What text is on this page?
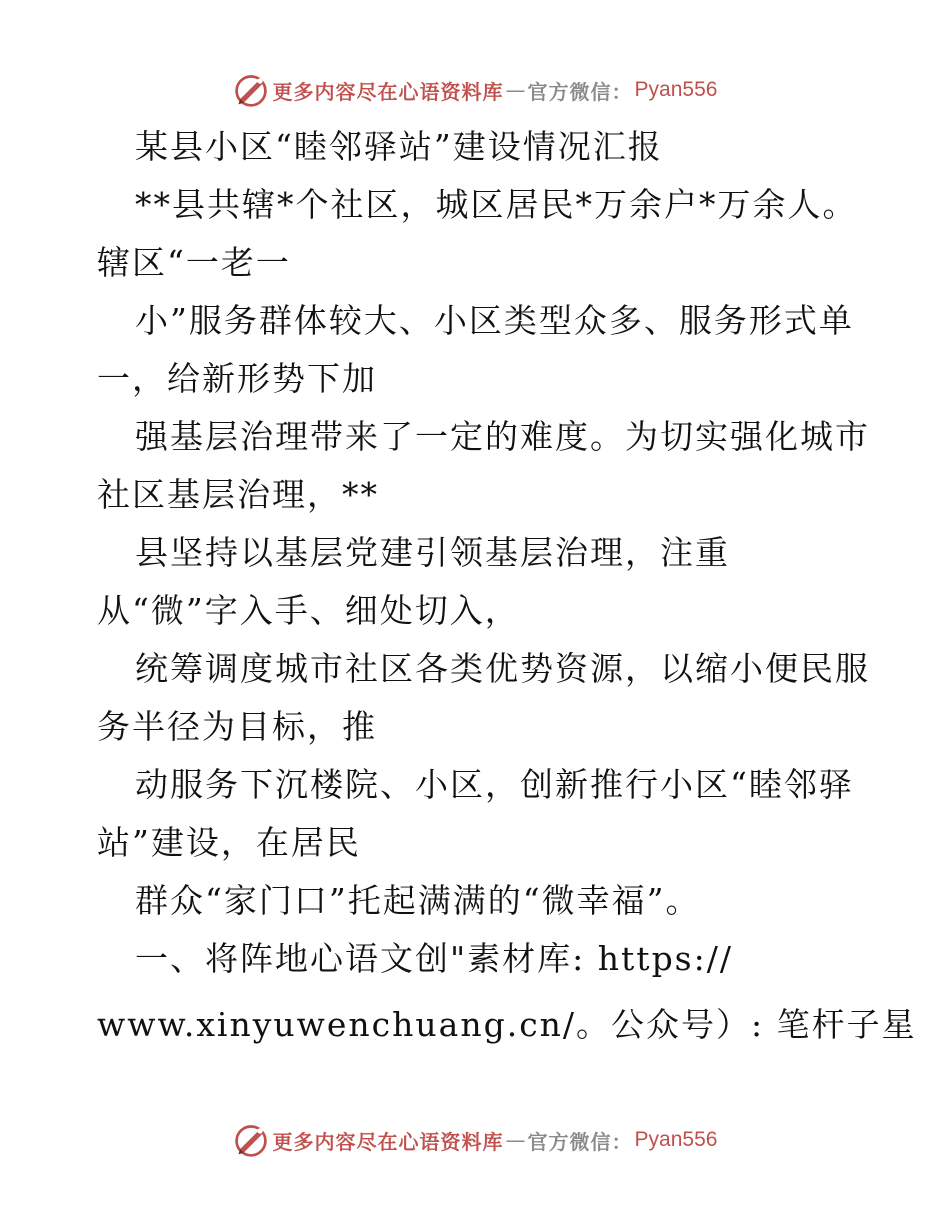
更多内容尽在心语资料库 — 官方微信： Pyan556
某县小区“睦邻驿站”建设情况汇报
**县共辖*个社区，城区居民*万余户*万余人。
辖区“一老一
小”服务群体较大、小区类型众多、服务形式单
一，给新形势下加
强基层治理带来了一定的难度。为切实强化城市
社区基层治理，**
县坚持以基层党建引领基层治理，注重
从“微”字入手、细处切入，
统筹调度城市社区各类优势资源，以缩小便民服
务半径为目标，推
动服务下沉楼院、小区，创新推行小区“睦邻驿
站”建设，在居民
群众“家门口”托起满满的“微幸福”。
一、将阵地心语文创"素材库: https://
www.xinyuwenchuang.cn/。公众号）: 笔杆子星
更多内容尽在心语资料库 — 官方微信： Pyan556
